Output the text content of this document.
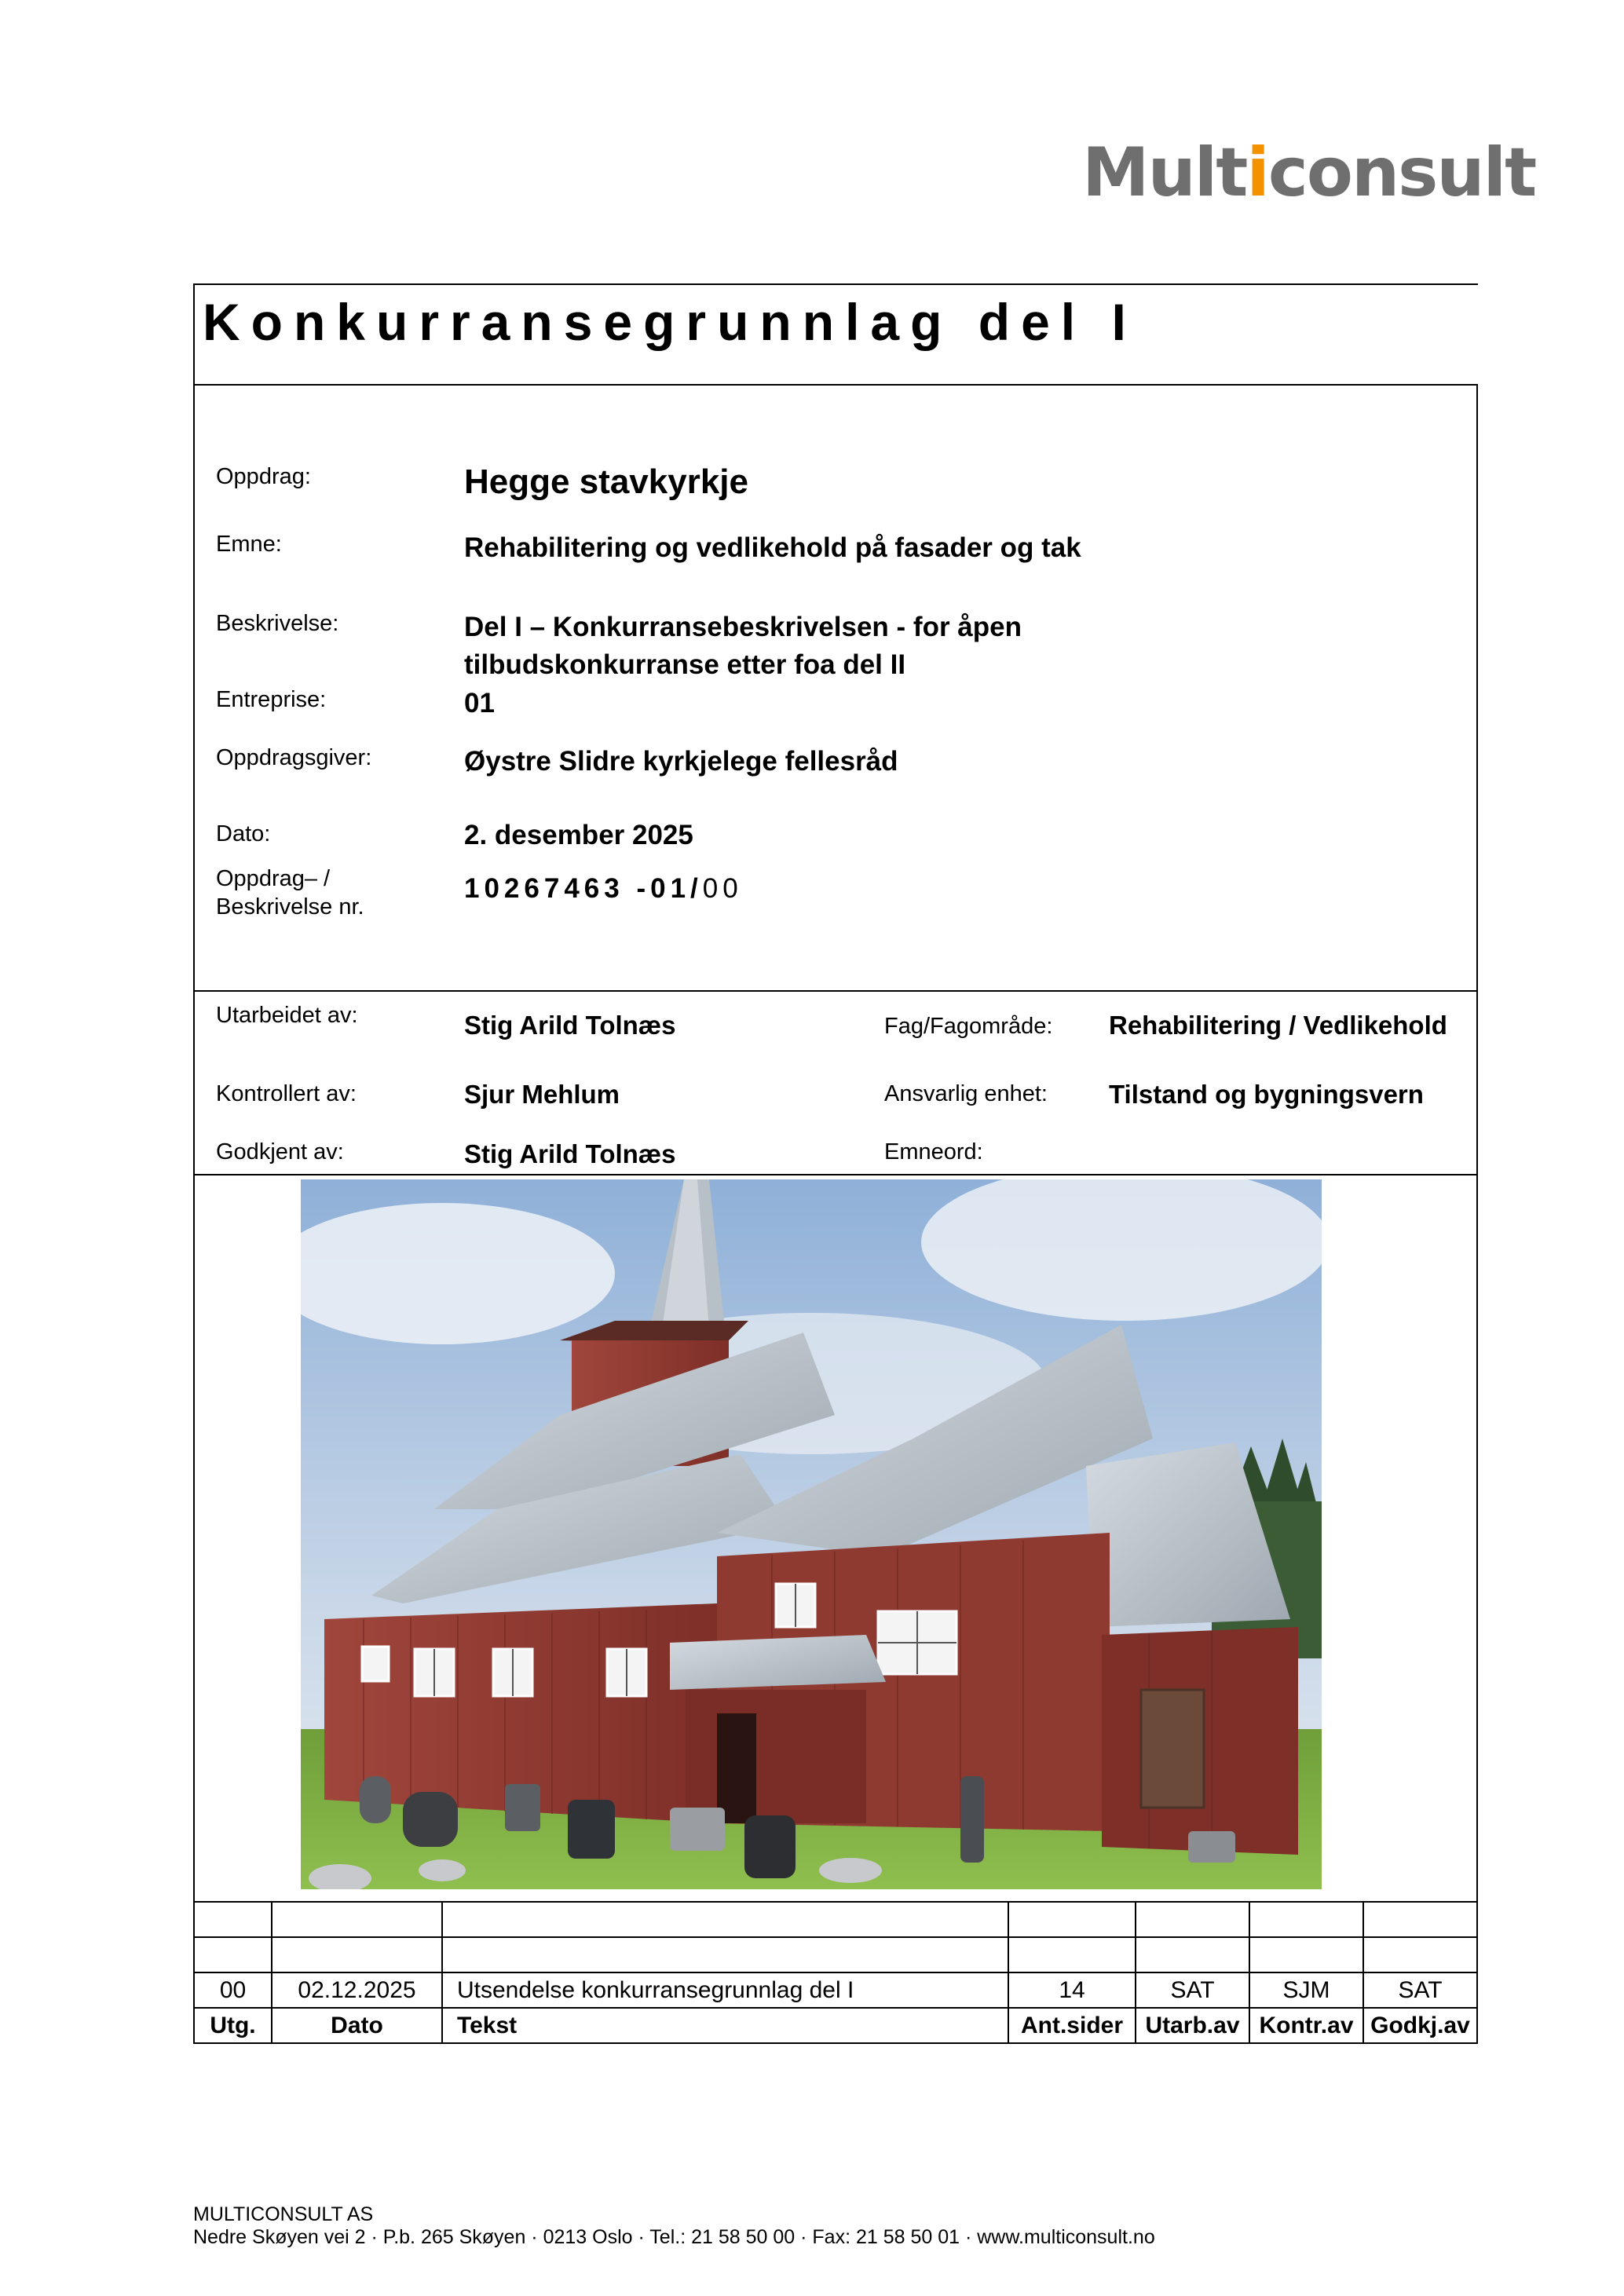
Multiconsult
Konkurransegrunnlag del I
Oppdrag:	Hegge stavkyrkje
Emne:	Rehabilitering og vedlikehold på fasader og tak
Beskrivelse:	Del I – Konkurransebeskrivelsen - for åpen
tilbudskonkurranse etter foa del II
Entreprise:	01
Oppdragsgiver:	Øystre Slidre kyrkjelege fellesråd
Dato:	2. desember 2025
Oppdrag– /
Beskrivelse nr.
10267463 -01/00
Utarbeidet av:	Stig Arild Tolnæs	Fag/Fagområde: Rehabilitering / Vedlikehold
Kontrollert av:	Sjur Mehlum	Ansvarlig enhet: Tilstand og bygningsvern
Godkjent av:	Stig Arild Tolnæs	Emneord:

00	02.12.2025	Utsendelse konkurransegrunnlag del I	14	SAT	SJM	SAT
Utg.	Dato	Tekst	Ant.sider	Utarb.av	Kontr.av	Godkj.av
MULTICONSULT AS
Nedre Skøyen vei 2 · P.b. 265 Skøyen · 0213 Oslo · Tel.: 21 58 50 00 · Fax: 21 58 50 01 · www.multiconsult.no
